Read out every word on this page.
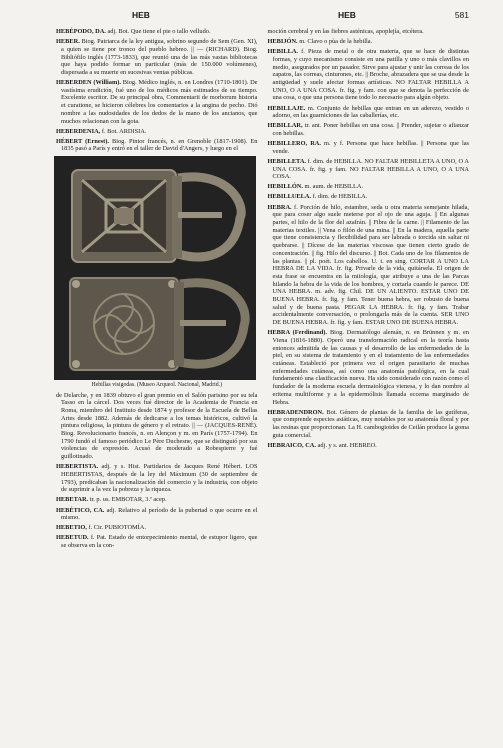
HEB	HEB	581

HEBÉPODO, DA. adj. Bot. Que tiene el pie o tallo velludo.

HEBER. Biog. Patriarca de la ley antigua, sobrino segundo de Sem (Gen. XI), a quien se tiene por tronco del pueblo hebreo. || — (RICHARD). Biog. Bibliófilo inglés (1773-1833), que reunió una de las más vastas bibliotecas que haya podido formar un particular (más de 150.000 volúmenes), dispersada a su muerte en sucesivas ventas públicas.

HEBERDEN (William). Biog. Médico inglés, n. en Londres (1710-1801). De vastísima erudición, fué uno de los médicos más estimados de su tiempo. Excelente escritor. De su principal obra, Commentarii de morborum historia et curatione, se hicieron célebres los comentarios a la angina de pecho. Dió nombre a las nudosidades de los dedos de la mano de los ancianos, que muchos relacionan con la gota.

HEBERDENIA, f. Bot. ARDISIA.

HÉBERT (Ernest). Biog. Pintor francés, n. en Grenoble (1817-1908). En 1835 pasó a París y entró en el taller de David d'Angers, y luego en el

Hebillas visigodas. (Museo Arqueol. Nacional, Madrid.)

de Delarche, y en 1839 obtuvo el gran premio en el Salón parisino por su tela Tasso en la cárcel. Dos veces fué director de la Academia de Francia en Roma, miembro del Instituto desde 1874 y profesor de la Escuela de Bellas Artes desde 1882. Además de dedicarse a los temas históricos, cultivó la pintura religiosa, la pintura de género y el retrato. || — (JACQUES-RENÉ). Biog. Revolucionario francés, n. en Alençon y m. en París (1757-1794). En 1790 fundó el famoso periódico Le Père Duchesne, que se distinguió por sus violencias de expresión. Acusó de moderado a Robespierre y fué guillotinado.

HEBERTISTA. adj. y s. Hist. Partidarios de Jacques René Hébert. LOS HEBERTISTAS, después de la ley del Máximum (30 de septiembre de 1793), predicaban la nacionalización del comercio y la industria, con objeto de suprimir a la vez la pobreza y la riqueza.

HEBETAR. tr. p. us. EMBOTAR, 3.ª acep.

HEBÉTICO, CA. adj. Relativo al período de la pubertad o que ocurre en el mismo.

HEBETIO, f. Cir. PUBIOTOMÍA.

HEBETUD. f. Pat. Estado de entorpecimiento mental, de estupor ligero, que se observa en la con-

moción cerebral y en las fiebres asténicas, apoplejía, etcétera.

HEBIJÓN. m. Clavo o pùa de la hebilla.

HEBILLA. f. Pieza de metal o de otra materia, que se hace de distintas formas, y cuyo mecanismo consiste en una patilla y uno o más clavillos en medio, asegurados por un pasador. Sirve para ajustar y unir las correas de los zapatos, las correas, cinturones, etc. || Broche, abrazadera que se usa desde la antigüedad y suele afectar formas artísticas. NO FALTAR HEBILLA A UNO, O A UNA COSA. fr. fig. y fam. con que se denota la perfección de una cosa, o que una persona tiene todo lo necesario para algún objeto.

HEBILLAJE. m. Conjunto de hebillas que entran en un aderezo, vestido o adorno, en las guarniciones de las caballerías, etc.

HEBILLAR, tr. ant. Poner hebillas en una cosa. || Prender, sujetar o afianzar con hebillas.

HEBILLERO, RA. m. y f. Persona que hace hebillas. || Persona que las vende.

HEBILLETA. f. dim. de HEBILLA. NO FALTAR HEBILLETA A UNO, O A UNA COSA. fr. fig. y fam. NO FALTAR HEBILLA A UNO, O A UNA COSA.

HEBILLÓN. m. aum. de HEBILLA.

HEBILLUELA. f. dim. de HEBILLA.

HEBRA. f. Porción de hilo, estambre, seda u otra materia semejante hilada, que para coser algo suele meterse por el ojo de una aguja. || En algunas partes, el hilo de la flor del azafrán. || Fibra de la carne. || Filamento de las materias textiles. || Vena o filón de una mina. || En la madera, aquella parte que tiene consistencia y flexibilidad para ser labrada o torcida sin saltar ni quebrarse. || Dícese de las materias viscosas que tienen cierto grado de concentración. || fig. Hilo del discurso. || Bot. Cada uno de los filamentos de las plantas. || pl. poét. Los cabellos. U. t. en sing. CORTAR A UNO LA HEBRA DE LA VIDA. fr. fig. Privarle de la vida, quitársela. El origen de esta frase se encuentra en la mitología, que atribuye a una de las Parcas hilando la hebra de la vida de los hombres, y cortarla cuando le parece. DE UNA HEBRA. m. adv. fig. Chil. DE UN ALIENTO. ESTAR UNO DE BUENA HEBRA. fr. fig. y fam. Tener buena hebra, ser robusto de buena salud y de buena pasta. PEGAR LA HEBRA. fr. fig. y fam. Trabar accidentalmente conversación, o prolongarla más de la cuenta. SER UNO DE BUENA HEBRA. fr. fig. y fam. ESTAR UNO DE BUENA HEBRA.

HEBRA (Ferdinand). Biog. Dermatólogo alemán, n. en Brünnen y m. en Viena (1816-1880). Operó una transformación radical en la teoría hasta entonces admitida de las causas y el desarrollo de las enfermedades de la piel, en su sistema de tratamiento y en el tratamiento de las enfermedades cutáneas. Estableció por primera vez el origen parasitario de muchas enfermedades cutáneas, así como una anatomía patológica, en la cual fundamentó una clasificación nueva. Ha sido considerado con razón como el fundador de la moderna escuela dermatológica vienesa, y lo dan nombre al eritema multiforme y a la epidermólisis llamada eccema marginado de Hebra.

HEBRADENDRON. Bot. Género de plantas de la familia de las gutíferas, que comprende especies asiáticas, muy notables por su anatomía floral y por las resinas que proporcionan. La H. cambogioides de Ceilán produce la goma guta comercial.

HEBRAICO, CA. adj. y s. ant. HEBREO.
